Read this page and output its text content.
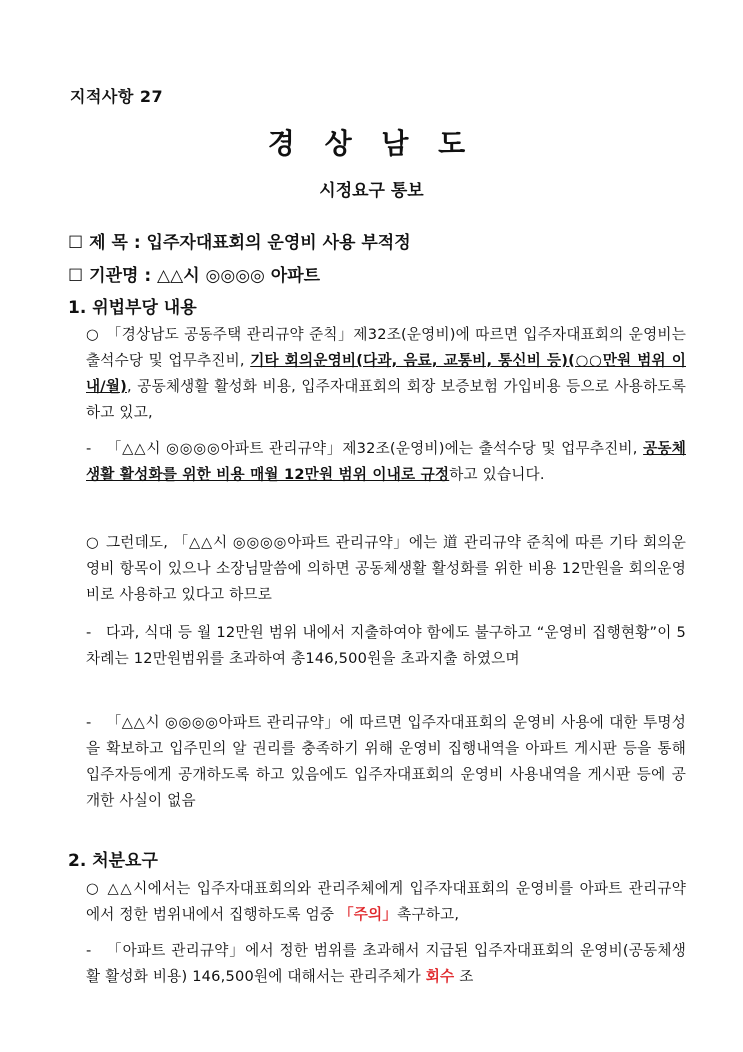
지적사항 27
경 상 남 도
시정요구 통보
☐ 제 목 : 입주자대표회의 운영비 사용 부적정
☐ 기관명 : △△시 ◎◎◎◎ 아파트
1. 위법부당 내용
○ 「경상남도 공동주택 관리규약 준칙」제32조(운영비)에 따르면 입주자대표회의 운영비는 출석수당 및 업무추진비, 기타 회의운영비(다과, 음료, 교통비, 통신비 등)(○○만원 범위 이내/월), 공동체생활 활성화 비용, 입주자대표회의 회장 보증보험 가입비용 등으로 사용하도록 하고 있고,
- 「△△시 ◎◎◎◎아파트 관리규약」제32조(운영비)에는 출석수당 및 업무추진비, 공동체생활 활성화를 위한 비용 매월 12만원 범위 이내로 규정하고 있습니다.
○ 그런데도, 「△△시 ◎◎◎◎아파트 관리규약」에는 道 관리규약 준칙에 따른 기타 회의운영비 항목이 있으나 소장님말씀에 의하면 공동체생활 활성화를 위한 비용 12만원을 회의운영비로 사용하고 있다고 하므로
- 다과, 식대 등 월 12만원 범위 내에서 지출하여야 함에도 불구하고 “운영비 집행현황”이 5차례는 12만원범위를 초과하여 총146,500원을 초과지출 하였으며
- 「△△시 ◎◎◎◎아파트 관리규약」에 따르면 입주자대표회의 운영비 사용에 대한 투명성을 확보하고 입주민의 알 권리를 충족하기 위해 운영비 집행내역을 아파트 게시판 등을 통해 입주자등에게 공개하도록 하고 있음에도 입주자대표회의 운영비 사용내역을 게시판 등에 공개한 사실이 없음
2. 처분요구
○ △△시에서는 입주자대표회의와 관리주체에게 입주자대표회의 운영비를 아파트 관리규약에서 정한 범위내에서 집행하도록 엄중 「주의」촉구하고,
- 「아파트 관리규약」에서 정한 범위를 초과해서 지급된 입주자대표회의 운영비(공동체생활 활성화 비용) 146,500원에 대해서는 관리주체가 회수 조
